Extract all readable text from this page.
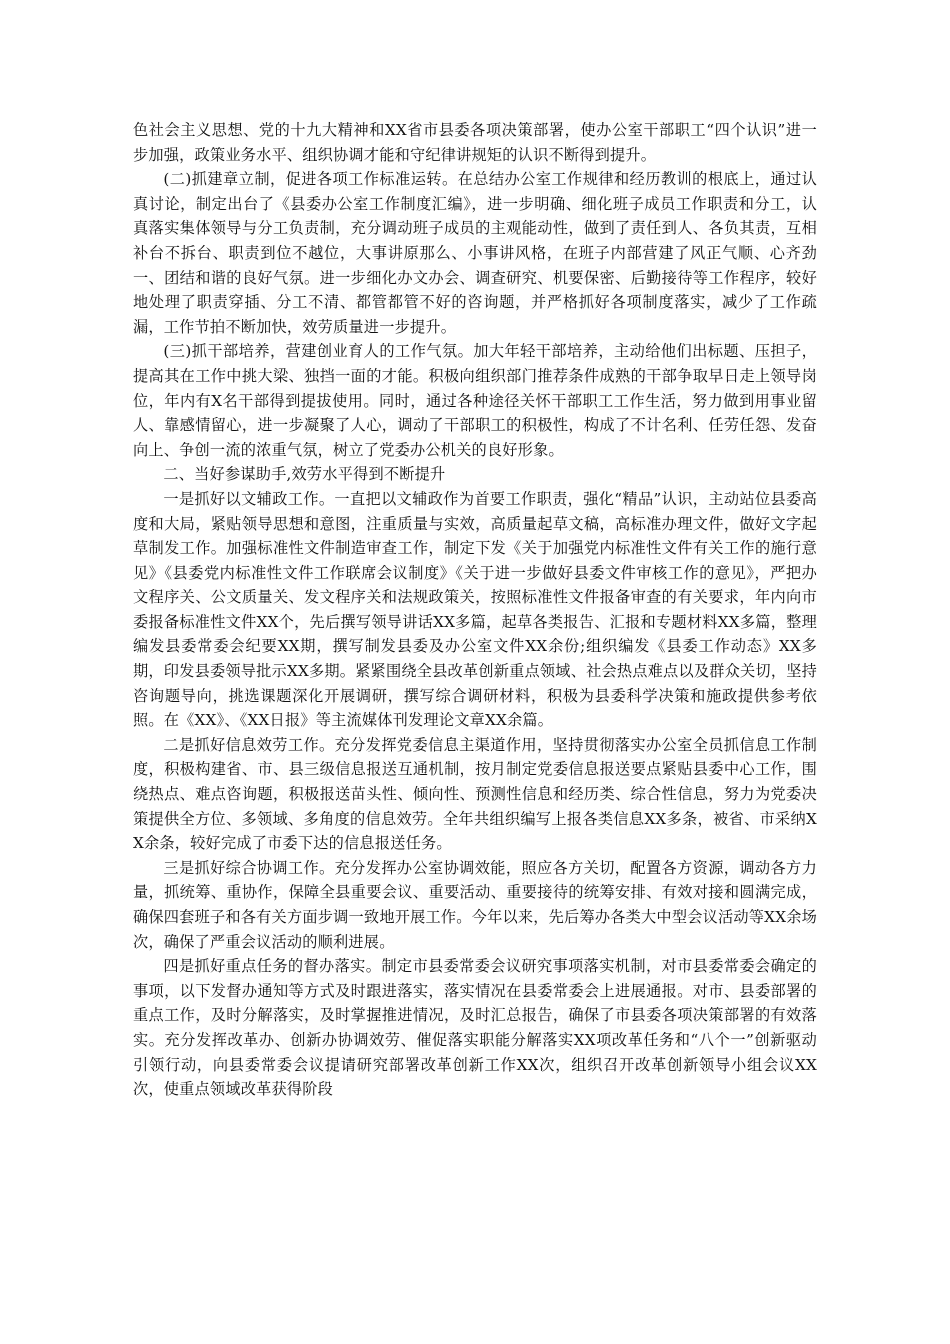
色社会主义思想、党的十九大精神和XX省市县委各项决策部署，使办公室干部职工“四个认识”进一步加强，政策业务水平、组织协调才能和守纪律讲规矩的认识不断得到提升。

(二)抓建章立制，促进各项工作标准运转。在总结办公室工作规律和经历教训的根底上，通过认真讨论，制定出台了《县委办公室工作制度汇编》，进一步明确、细化班子成员工作职责和分工，认真落实集体领导与分工负责制，充分调动班子成员的主观能动性，做到了责任到人、各负其责，互相补台不拆台、职责到位不越位，大事讲原那么、小事讲风格，在班子内部营建了风正气顺、心齐劲一、团结和谐的良好气氛。进一步细化办文办会、调查研究、机要保密、后勤接待等工作程序，较好地处理了职责穿插、分工不清、都管都管不好的咨询题，并严格抓好各项制度落实，减少了工作疏漏，工作节拍不断加快，效劳质量进一步提升。

(三)抓干部培养，营建创业育人的工作气氛。加大年轻干部培养，主动给他们出标题、压担子，提高其在工作中挑大梁、独挡一面的才能。积极向组织部门推荐条件成熟的干部争取早日走上领导岗位，年内有X名干部得到提拔使用。同时，通过各种途径关怀干部职工工作生活，努力做到用事业留人、靠感情留心，进一步凝聚了人心，调动了干部职工的积极性，构成了不计名利、任劳任怨、发奋向上、争创一流的浓重气氛，树立了党委办公机关的良好形象。

二、当好参谋助手,效劳水平得到不断提升

一是抓好以文辅政工作。一直把以文辅政作为首要工作职责，强化“精品”认识，主动站位县委高度和大局，紧贴领导思想和意图，注重质量与实效，高质量起草文稿，高标准办理文件，做好文字起草制发工作。加强标准性文件制造审查工作，制定下发《关于加强党内标准性文件有关工作的施行意见》《县委党内标准性文件工作联席会议制度》《关于进一步做好县委文件审核工作的意见》，严把办文程序关、公文质量关、发文程序关和法规政策关，按照标准性文件报备审查的有关要求，年内向市委报备标准性文件XX个，先后撰写领导讲话XX多篇，起草各类报告、汇报和专题材料XX多篇，整理编发县委常委会纪要XX期，撰写制发县委及办公室文件XX余份;组织编发《县委工作动态》XX多期，印发县委领导批示XX多期。紧紧围绕全县改革创新重点领域、社会热点难点以及群众关切，坚持咨询题导向，挑选课题深化开展调研，撰写综合调研材料，积极为县委科学决策和施政提供参考依照。在《XX》、《XX日报》等主流媒体刊发理论文章XX余篇。

二是抓好信息效劳工作。充分发挥党委信息主渠道作用，坚持贯彻落实办公室全员抓信息工作制度，积极构建省、市、县三级信息报送互通机制，按月制定党委信息报送要点紧贴县委中心工作，围绕热点、难点咨询题，积极报送苗头性、倾向性、预测性信息和经历类、综合性信息，努力为党委决策提供全方位、多领域、多角度的信息效劳。全年共组织编写上报各类信息XX多条，被省、市采纳XX余条，较好完成了市委下达的信息报送任务。

三是抓好综合协调工作。充分发挥办公室协调效能，照应各方关切，配置各方资源，调动各方力量，抓统筹、重协作，保障全县重要会议、重要活动、重要接待的统筹安排、有效对接和圆满完成，确保四套班子和各有关方面步调一致地开展工作。今年以来，先后筹办各类大中型会议活动等XX余场次，确保了严重会议活动的顺利进展。

四是抓好重点任务的督办落实。制定市县委常委会议研究事项落实机制，对市县委常委会确定的事项，以下发督办通知等方式及时跟进落实，落实情况在县委常委会上进展通报。对市、县委部署的重点工作，及时分解落实，及时掌握推进情况，及时汇总报告，确保了市县委各项决策部署的有效落实。充分发挥改革办、创新办协调效劳、催促落实职能分解落实XX项改革任务和“八个一”创新驱动引领行动，向县委常委会议提请研究部署改革创新工作XX次，组织召开改革创新领导小组会议XX次，使重点领域改革获得阶段
